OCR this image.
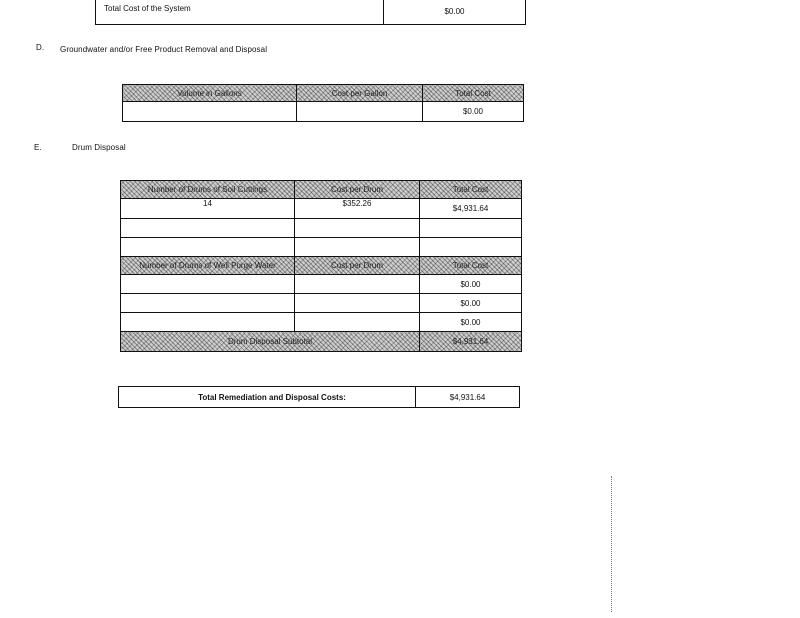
Total Cost of the System	$0.00
D. Groundwater and/or Free Product Removal and Disposal
Volume in Gallons	Cost per Gallon	Total Cost
		$0.00
E.	Drum Disposal
Number of Drums of Soil Cuttings	Cost per Drum	Total Cost
14	$352.26	$4,931.64

Number of Drums of Well Purge Water	Cost per Drum	Total Cost
		$0.00
		$0.00
		$0.00
Drum Disposal Subtotal		$4,931.64
Total Remediation and Disposal Costs:	$4,931.64
